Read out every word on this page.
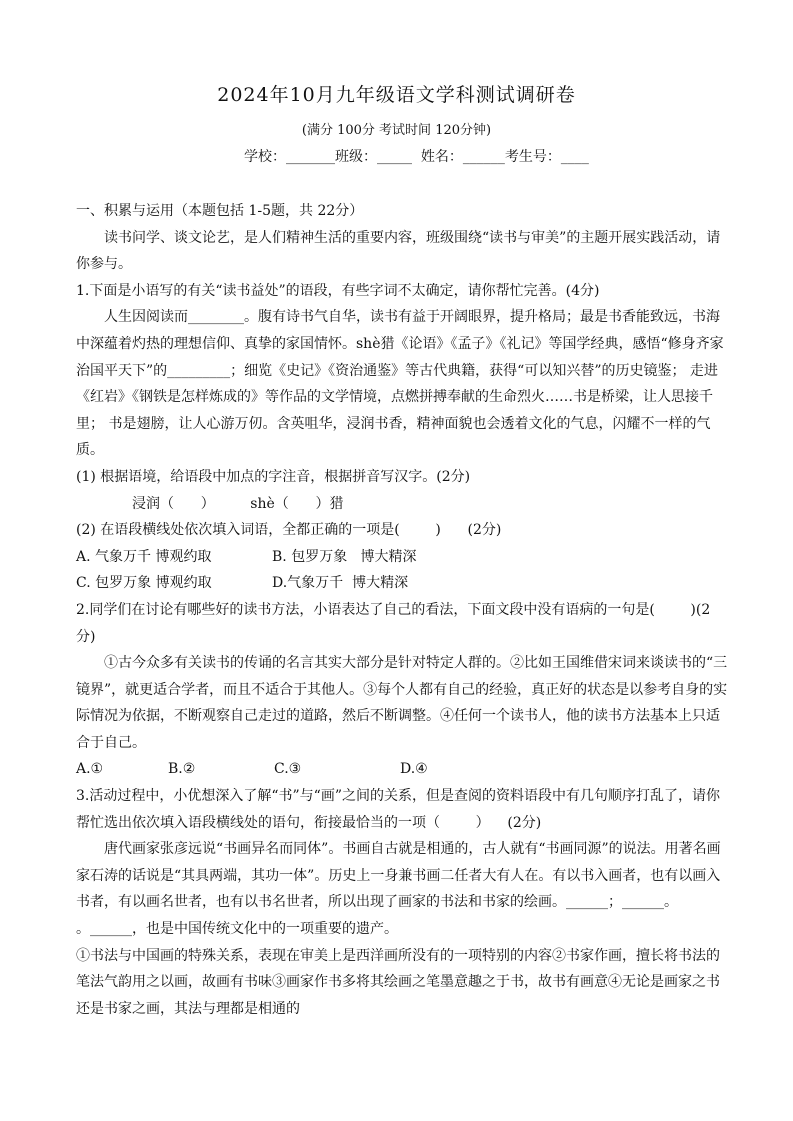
2024年10月九年级语文学科测试调研卷
(满分 100分 考试时间 120分钟)
学校：_______班级：_____  姓名：______考生号：____

一、积累与运用（本题包括 1-5题，共 22分）

读书问学、谈文论艺，是人们精神生活的重要内容，班级围绕“读书与审美”的主题开展实践活动，请你参与。

1.下面是小语写的有关“读书益处”的语段，有些字词不太确定，请你帮忙完善。(4分)

人生因阅读而________。腹有诗书气自华，读书有益于开阔眼界，提升格局；最是书香能致远，书海中深蕴着灼热的理想信仰、真挚的家国情怀。shè猎《论语》《孟子》《礼记》等国学经典，感悟“修身齐家治国平天下”的_________；细览《史记》《资治通鉴》等古代典籍，获得“可以知兴替”的历史镜鉴； 走进《红岩》《钢铁是怎样炼成的》等作品的文学情境，点燃拼搏奉献的生命烈火……书是桥梁，让人思接千里； 书是翅膀，让人心游万仞。含英咀华，浸润书香，精神面貌也会透着文化的气息，闪耀不一样的气质。

(1) 根据语境，给语段中加点的字注音，根据拼音写汉字。(2分)

浸润（      ）        shè（      ）猎

(2) 在语段横线处依次填入词语，全都正确的一项是(        )      (2分)

A. 气象万千 博观约取	B. 包罗万象   博大精深
C. 包罗万象 博观约取	D.气象万千  博大精深

2.同学们在讨论有哪些好的读书方法，小语表达了自己的看法，下面文段中没有语病的一句是(        )(2分)

①古今众多有关读书的传诵的名言其实大部分是针对特定人群的。②比如王国维借宋词来谈读书的“三镜界”，就更适合学者，而且不适合于其他人。③每个人都有自己的经验，真正好的状态是以参考自身的实际情况为依据，不断观察自己走过的道路，然后不断调整。④任何一个读书人，他的读书方法基本上只适合于自己。

A.①	B.②	C.③	D.④

3.活动过程中，小优想深入了解“书”与“画”之间的关系，但是查阅的资料语段中有几句顺序打乱了，请你帮忙选出依次填入语段横线处的语句，衔接最恰当的一项（        ）    (2分)

唐代画家张彦远说“书画异名而同体”。书画自古就是相通的，古人就有“书画同源”的说法。用著名画家石涛的话说是“其具两端，其功一体”。历史上一身兼书画二任者大有人在。有以书入画者，也有以画入书者，有以画名世者，也有以书名世者，所以出现了画家的书法和书家的绘画。______；______。

。______，也是中国传统文化中的一项重要的遗产。

①书法与中国画的特殊关系，表现在审美上是西洋画所没有的一项特别的内容②书家作画，擅长将书法的笔法气韵用之以画，故画有书味③画家作书多将其绘画之笔墨意趣之于书，故书有画意④无论是画家之书还是书家之画，其法与理都是相通的
